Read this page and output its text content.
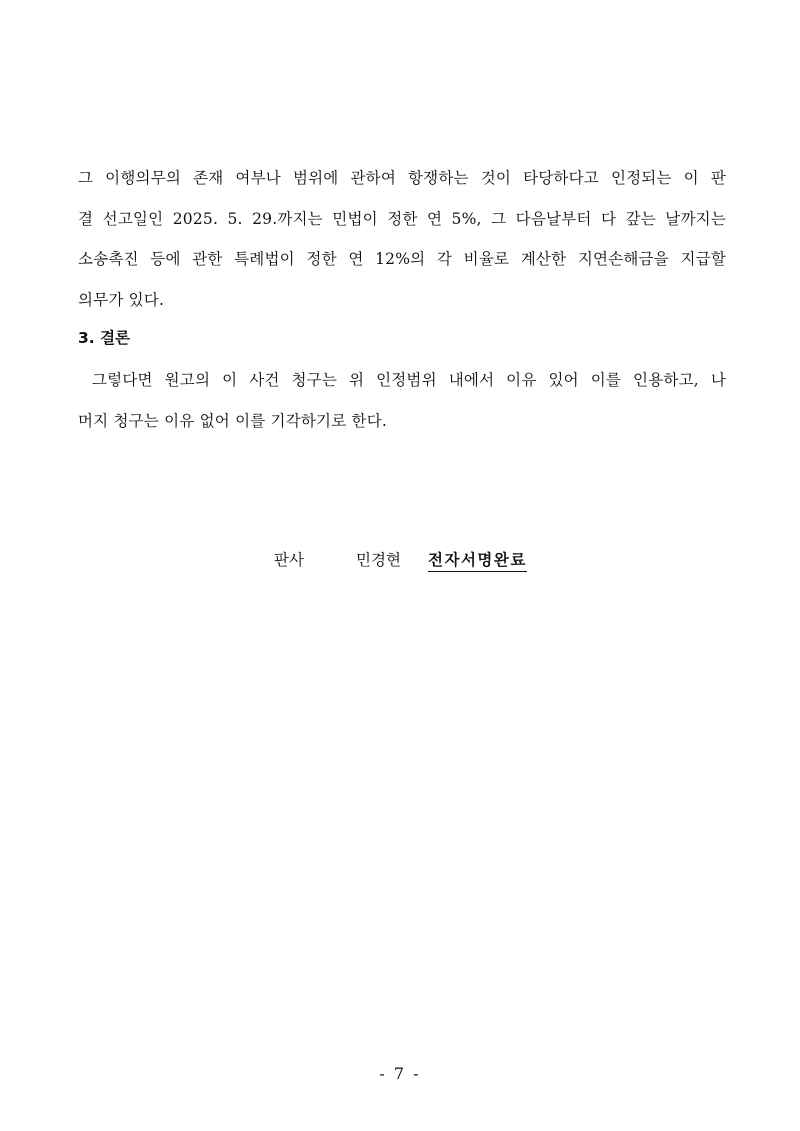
그 이행의무의 존재 여부나 범위에 관하여 항쟁하는 것이 타당하다고 인정되는 이 판
결 선고일인 2025. 5. 29.까지는 민법이 정한 연 5%, 그 다음날부터 다 갚는 날까지는
소송촉진 등에 관한 특례법이 정한 연 12%의 각 비율로 계산한 지연손해금을 지급할
의무가 있다.

3. 결론

그렇다면 원고의 이 사건 청구는 위 인정범위 내에서 이유 있어 이를 인용하고, 나
머지 청구는 이유 없어 이를 기각하기로 한다.

판사	민경현 전자서명완료
- 7 -
